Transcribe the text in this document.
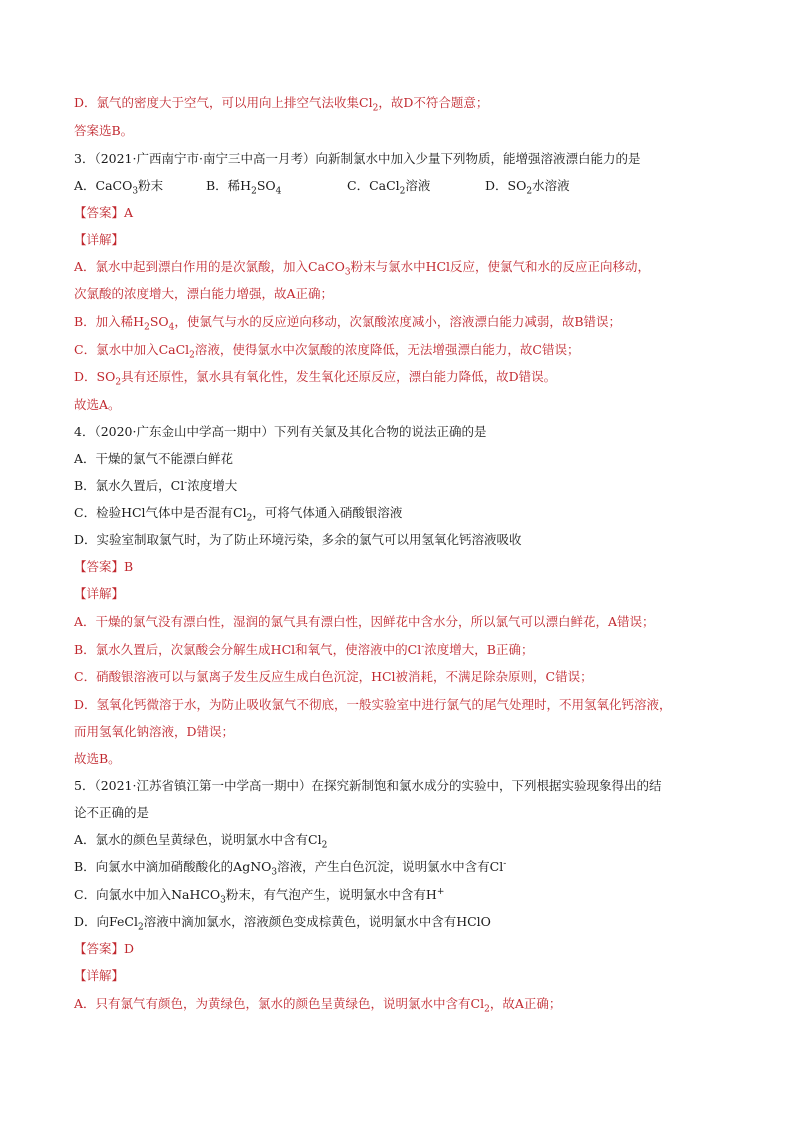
D．氯气的密度大于空气，可以用向上排空气法收集$Cl_2$，故D不符合题意；
答案选B。
3．（2021·广西南宁市·南宁三中高一月考）向新制氯水中加入少量下列物质，能增强溶液漂白能力的是
A．CaCO$_3$粉末	B．稀$H_2SO_4$	C．CaCl$_2$溶液	D．$SO_2$水溶液
【答案】A
【详解】
A．氯水中起到漂白作用的是次氯酸，加入CaCO$_3$粉末与氯水中HCl反应，使氯气和水的反应正向移动，
次氯酸的浓度增大，漂白能力增强，故A正确；
B．加入稀$H_2SO_4$，使氯气与水的反应逆向移动，次氯酸浓度减小，溶液漂白能力减弱，故B错误；
C．氯水中加入CaCl$_2$溶液，使得氯水中次氯酸的浓度降低，无法增强漂白能力，故C错误；
D．$SO_2$具有还原性，氯水具有氧化性，发生氧化还原反应，漂白能力降低，故D错误。
故选A。
4．（2020·广东金山中学高一期中）下列有关氯及其化合物的说法正确的是
A．干燥的氯气不能漂白鲜花
B．氯水久置后，Cl-浓度增大
C．检验HCl气体中是否混有$Cl_2$，可将气体通入硝酸银溶液
D．实验室制取氯气时，为了防止环境污染，多余的氯气可以用氢氧化钙溶液吸收
【答案】B
【详解】
A．干燥的氯气没有漂白性，湿润的氯气具有漂白性，因鲜花中含水分，所以氯气可以漂白鲜花，A错误；
B．氯水久置后，次氯酸会分解生成HCl和氧气，使溶液中的Cl-浓度增大，B正确；
C．硝酸银溶液可以与氯离子发生反应生成白色沉淀，HCl被消耗，不满足除杂原则，C错误；
D．氢氧化钙微溶于水，为防止吸收氯气不彻底，一般实验室中进行氯气的尾气处理时，不用氢氧化钙溶液，
而用氢氧化钠溶液，D错误；
故选B。
5．（2021·江苏省镇江第一中学高一期中）在探究新制饱和氯水成分的实验中，下列根据实验现象得出的结
论不正确的是
A．氯水的颜色呈黄绿色，说明氯水中含有$Cl_2$
B．向氯水中滴加硝酸酸化的AgNO$_3$溶液，产生白色沉淀，说明氯水中含有Cl-
C．向氯水中加入NaHCO$_3$粉末，有气泡产生，说明氯水中含有H+
D．向FeCl$_2$溶液中滴加氯水，溶液颜色变成棕黄色，说明氯水中含有HClO
【答案】D
【详解】
A．只有氯气有颜色，为黄绿色，氯水的颜色呈黄绿色，说明氯水中含有$Cl_2$，故A正确；
